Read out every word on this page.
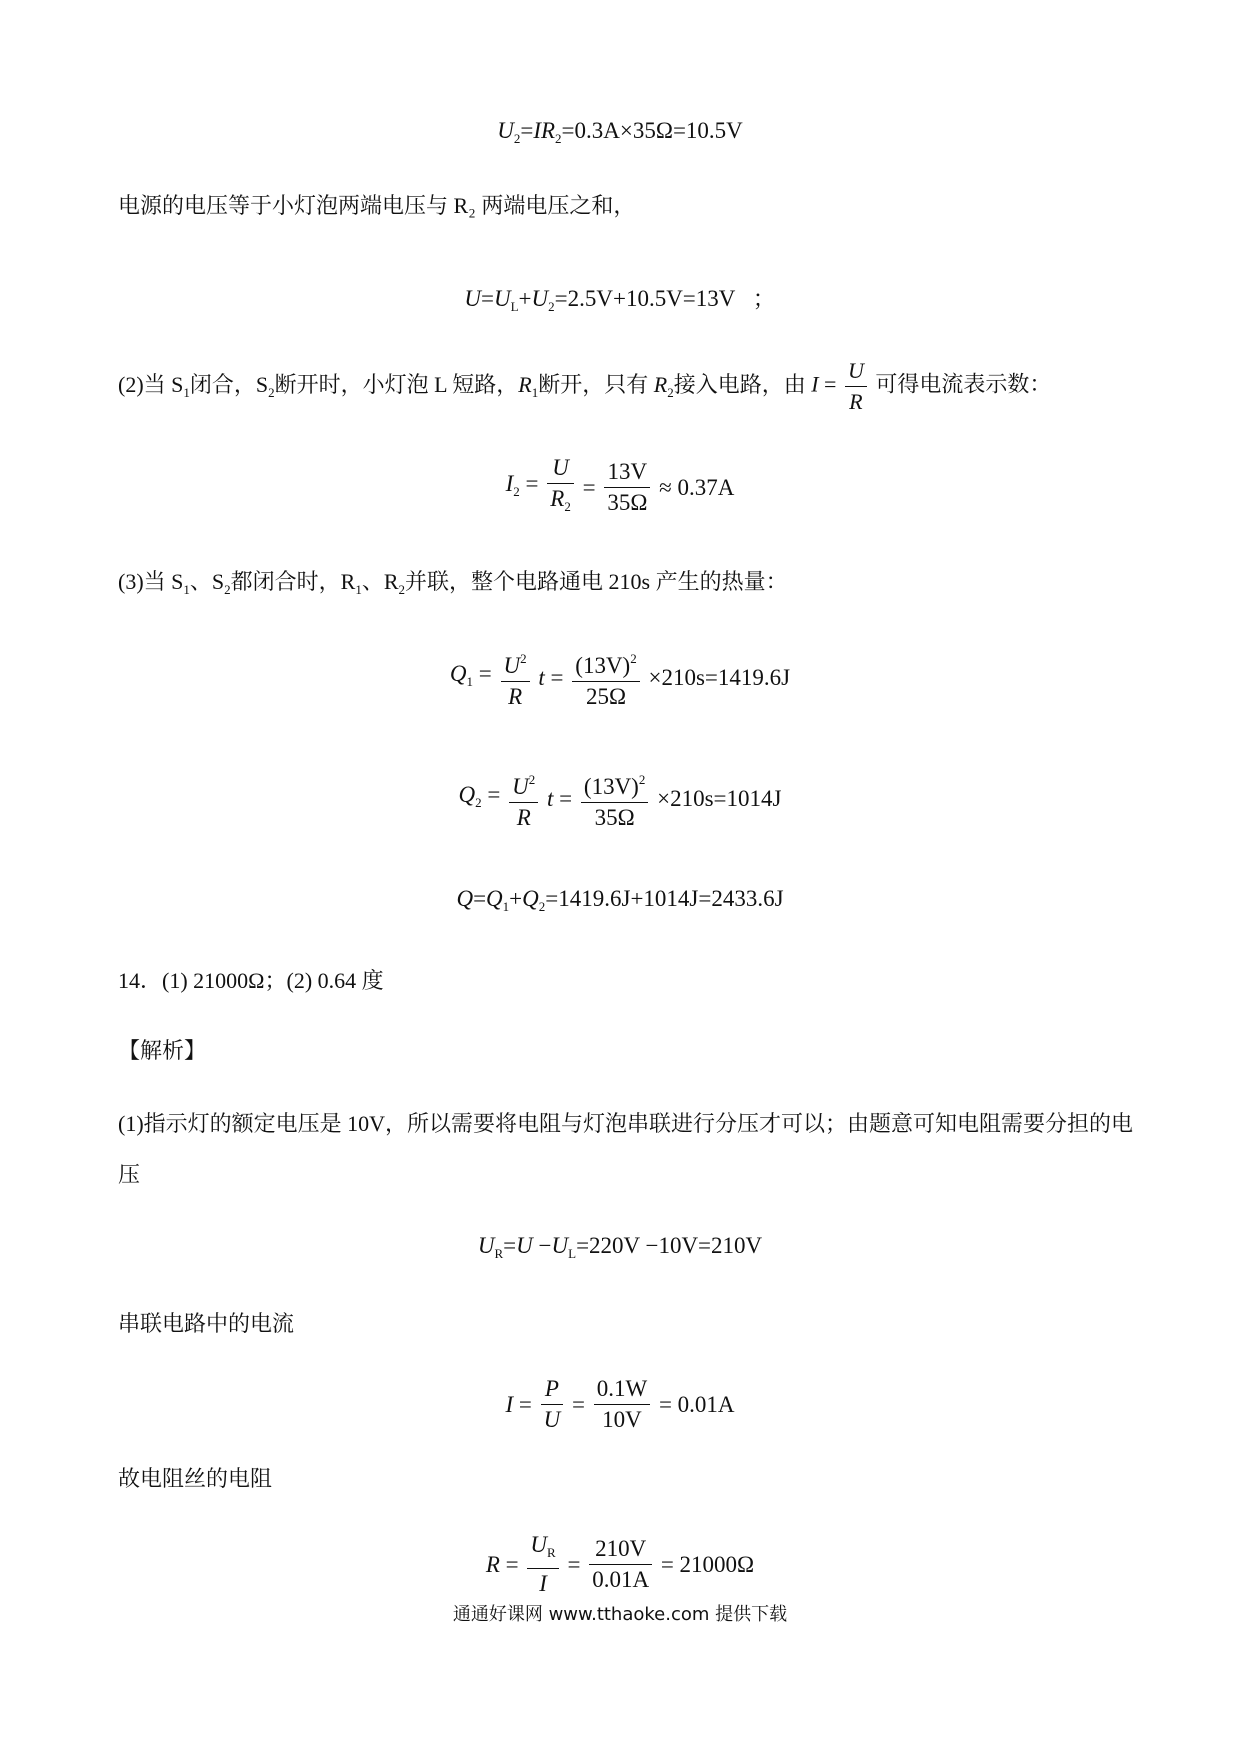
$U_2=IR_2=0.3A\times 35\Omega=10.5V$
电源的电压等于小灯泡两端电压与 R₂ 两端电压之和，
$U=U_L+U_2=2.5V+10.5V=13V$   ；
(2)当 $S_1$闭合，$S_2$断开时，小灯泡 L 短路，$R_1$断开，只有 $R_2$接入电路，由 $I = \frac{U}{R}$ 可得电流表示数：
$I_2 = \frac{U}{R_2} = \frac{13V}{35\Omega} \approx 0.37A$
(3)当 $S_1$、$S_2$都闭合时，$R_1$、$R_2$并联，整个电路通电 210s 产生的热量：
$Q_1 = \frac{U^2}{R}$ $t = \frac{(13V)^2}{25\Omega} \times 210s=1419.6J$
$Q_2 = \frac{U^2}{R}$ $t = \frac{(13V)^2}{35\Omega} \times 210s=1014J$
$Q=Q_1+Q_2=1419.6J+1014J=2433.6J$
14．(1) 21000Ω；(2) 0.64 度
【解析】
(1)指示灯的额定电压是 10V，所以需要将电阻与灯泡串联进行分压才可以；由题意可知电阻需要分担的电
压
$U_R=U -U_L=220V -10V=210V$
串联电路中的电流
$I = \frac{P}{U} = \frac{0.1W}{10V} = 0.01A$
故电阻丝的电阻
$R = \frac{U_R}{I} = \frac{210V}{0.01A} = 21000\Omega$
通通好课网 www.tthaoke.com 提供下载
